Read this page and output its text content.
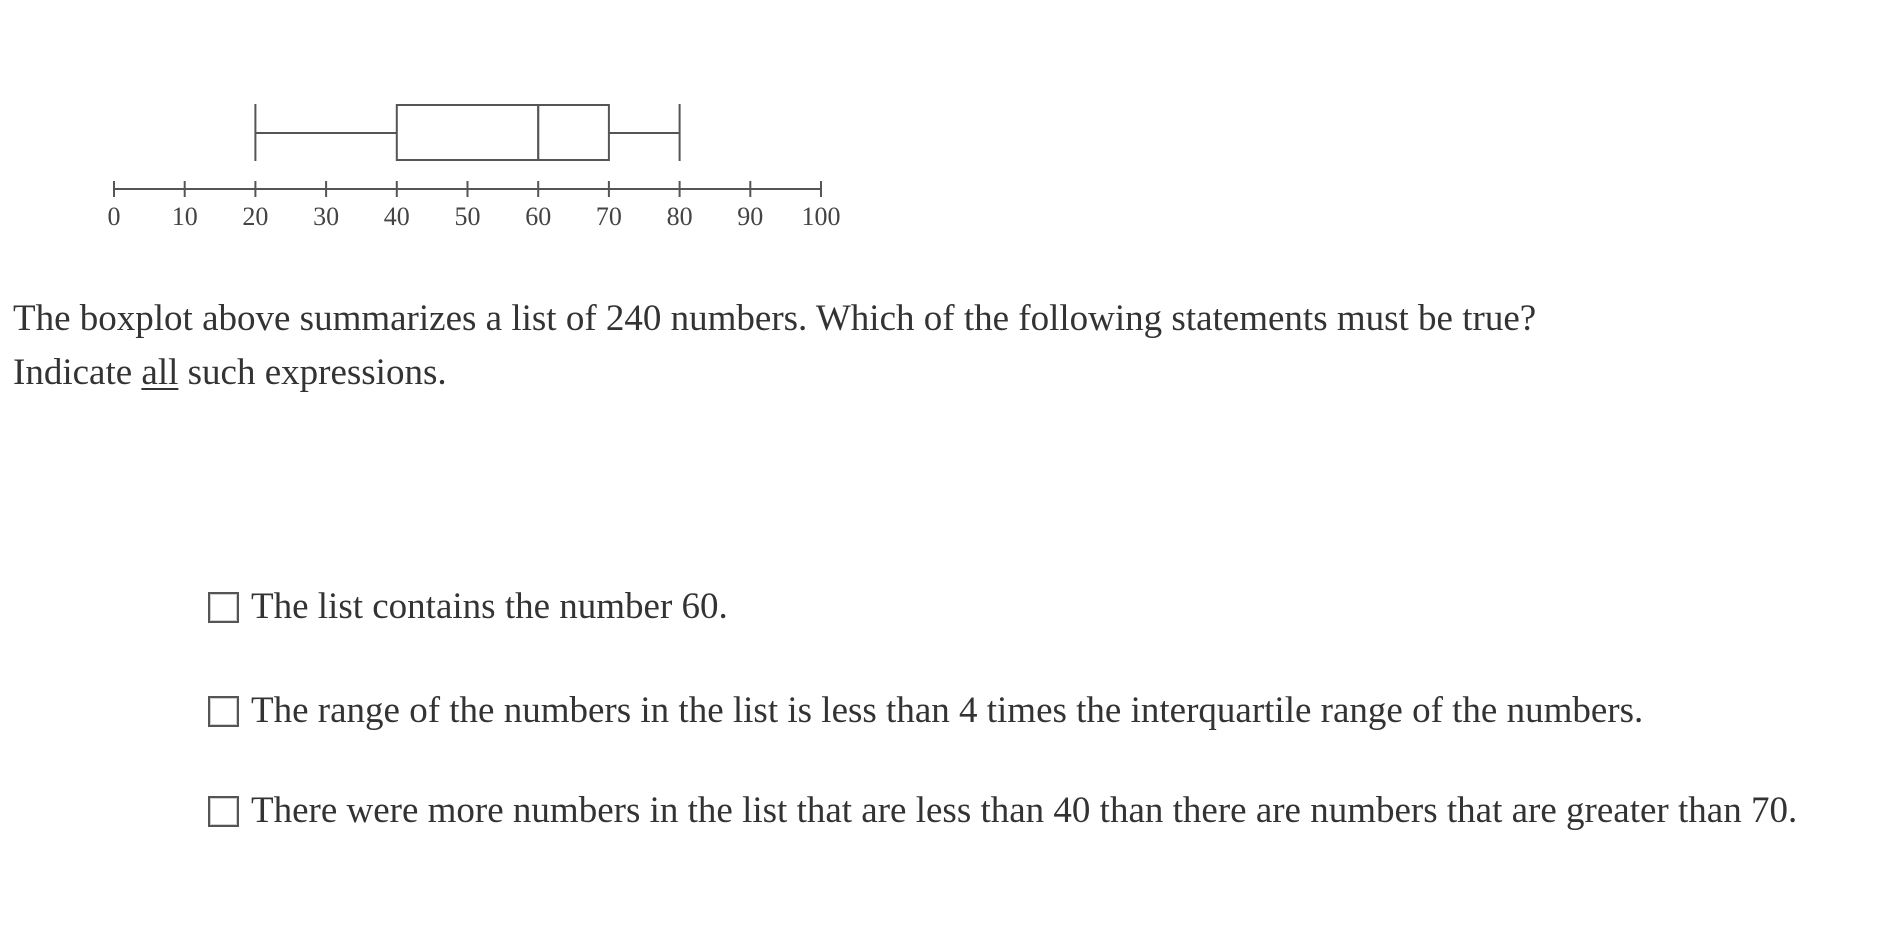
0 10 20 30 40 50 60 70 80 90 100
The boxplot above summarizes a list of 240 numbers. Which of the following statements must be true?
Indicate all such expressions.
The list contains the number 60.
The range of the numbers in the list is less than 4 times the interquartile range of the numbers.
There were more numbers in the list that are less than 40 than there are numbers that are greater than 70.
